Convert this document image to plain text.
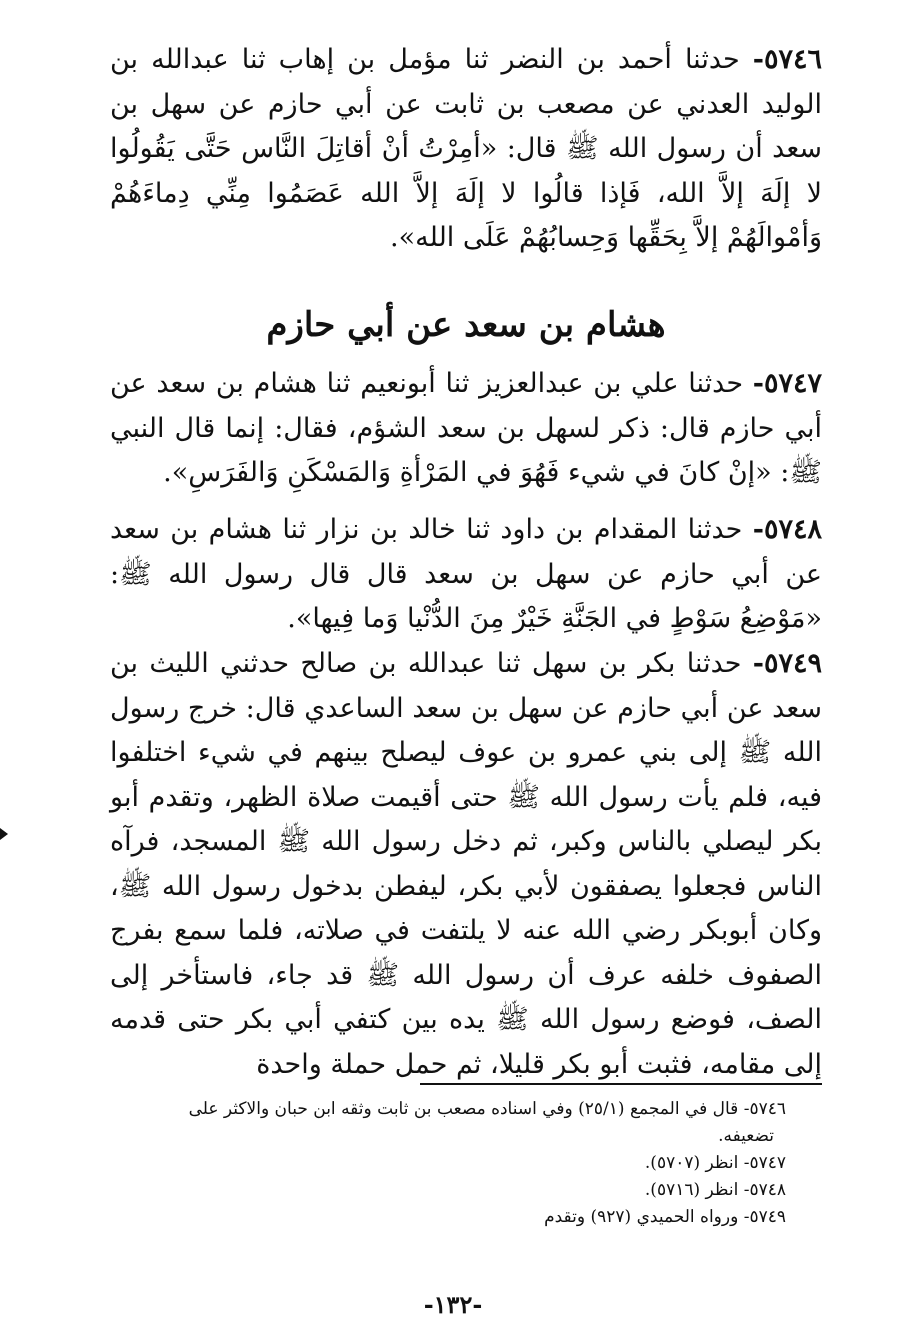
٥٧٤٦- حدثنا أحمد بن النضر ثنا مؤمل بن إهاب ثنا عبدالله بن الوليد العدني عن مصعب بن ثابت عن أبي حازم عن سهل بن سعد أن رسول الله ﷺ قال: «أمِرْتُ أنْ أقاتِلَ النَّاس حَتَّى يَقُولُوا لا إلَهَ إلاَّ الله، فَإذا قالُوا لا إلَهَ إلاَّ الله عَصَمُوا مِنِّي دِماءَهُمْ وَأمْوالَهُمْ إلاَّ بِحَقِّها وَحِسابُهُمْ عَلَى الله».

هشام بن سعد عن أبي حازم

٥٧٤٧- حدثنا علي بن عبدالعزيز ثنا أبونعيم ثنا هشام بن سعد عن أبي حازم قال: ذكر لسهل بن سعد الشؤم، فقال: إنما قال النبي ﷺ: «إنْ كانَ في شيء فَهُوَ في المَرْأةِ وَالمَسْكَنِ وَالفَرَسِ».

٥٧٤٨- حدثنا المقدام بن داود ثنا خالد بن نزار ثنا هشام بن سعد عن أبي حازم عن سهل بن سعد قال قال رسول الله ﷺ: «مَوْضِعُ سَوْطٍ في الجَنَّةِ خَيْرٌ مِنَ الدُّنْيا وَما فِيها».

٥٧٤٩- حدثنا بكر بن سهل ثنا عبدالله بن صالح حدثني الليث بن سعد عن أبي حازم عن سهل بن سعد الساعدي قال: خرج رسول الله ﷺ إلى بني عمرو بن عوف ليصلح بينهم في شيء اختلفوا فيه، فلم يأت رسول الله ﷺ حتى أقيمت صلاة الظهر، وتقدم أبو بكر ليصلي بالناس وكبر، ثم دخل رسول الله ﷺ المسجد، فرآه الناس فجعلوا يصفقون لأبي بكر، ليفطن بدخول رسول الله ﷺ، وكان أبوبكر رضي الله عنه لا يلتفت في صلاته، فلما سمع بفرج الصفوف خلفه عرف أن رسول الله ﷺ قد جاء، فاستأخر إلى الصف، فوضع رسول الله ﷺ يده بين كتفي أبي بكر حتى قدمه إلى مقامه، فثبت أبو بكر قليلا، ثم حمل حملة واحدة

٥٧٤٦- قال في المجمع (٢٥/١) وفي اسناده مصعب بن ثابت وثقه ابن حبان والاكثر على
تضعيفه.
٥٧٤٧- انظر (٥٧٠٧).
٥٧٤٨- انظر (٥٧١٦).
٥٧٤٩- ورواه الحميدي (٩٢٧) وتقدم
-١٣٢-
